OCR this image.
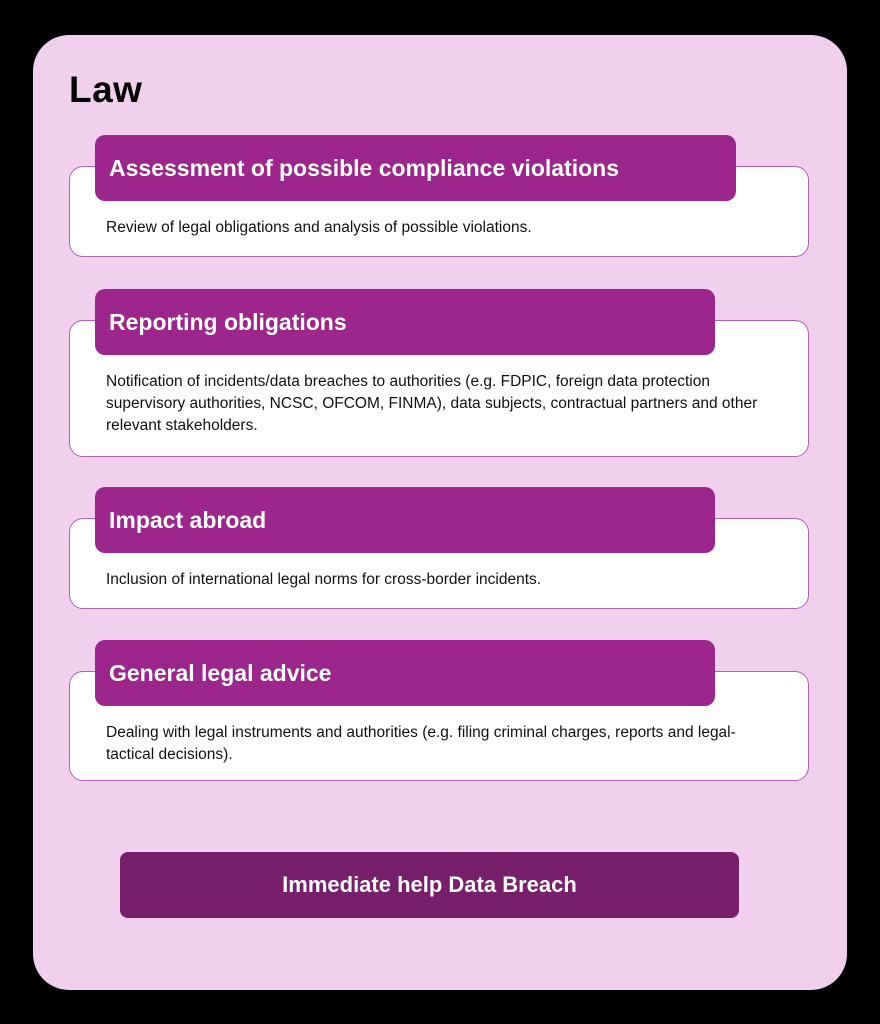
Law
Review of legal obligations and analysis of possible violations.
Assessment of possible compliance violations
Notification of incidents/data breaches to authorities (e.g. FDPIC, foreign data protection supervisory authorities, NCSC, OFCOM, FINMA), data subjects, contractual partners and other relevant stakeholders.
Reporting obligations
Inclusion of international legal norms for cross-border incidents.
Impact abroad
Dealing with legal instruments and authorities (e.g. filing criminal charges, reports and legal-tactical decisions).
General legal advice
Immediate help Data Breach
